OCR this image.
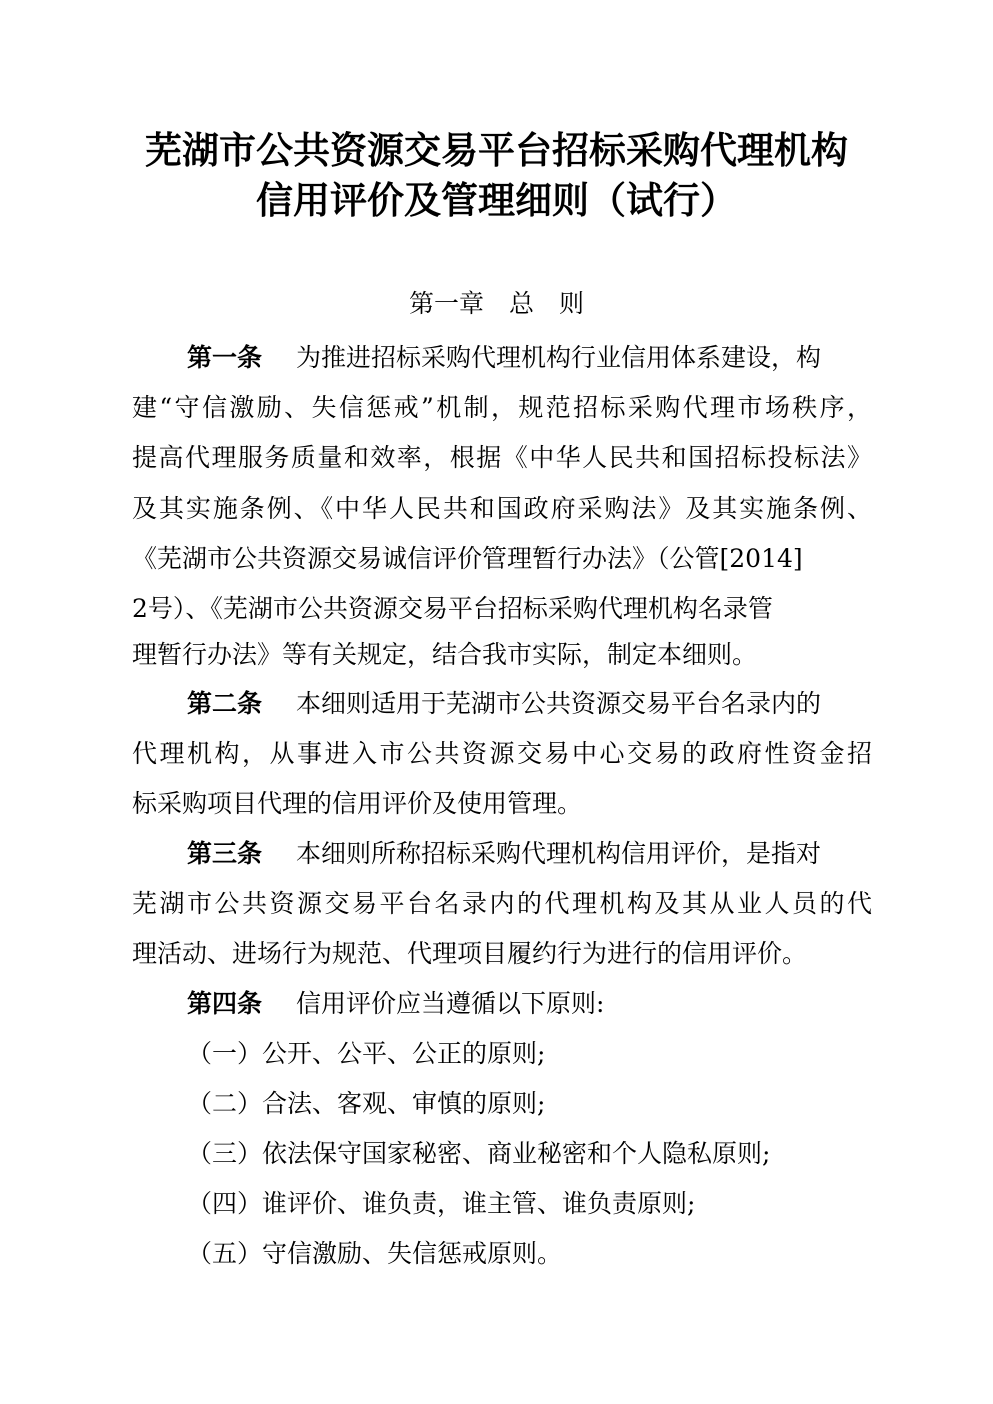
芜湖市公共资源交易平台招标采购代理机构
信用评价及管理细则（试行）
第一章　总　则
第一条 为推进招标采购代理机构行业信用体系建设，构
建“守信激励、失信惩戒”机制，规范招标采购代理市场秩序，
提高代理服务质量和效率，根据《中华人民共和国招标投标法》
及其实施条例、《中华人民共和国政府采购法》及其实施条例、
《芜湖市公共资源交易诚信评价管理暂行办法》（公管[2014]
2号）、《芜湖市公共资源交易平台招标采购代理机构名录管
理暂行办法》等有关规定，结合我市实际，制定本细则。
第二条 本细则适用于芜湖市公共资源交易平台名录内的
代理机构，从事进入市公共资源交易中心交易的政府性资金招
标采购项目代理的信用评价及使用管理。
第三条 本细则所称招标采购代理机构信用评价，是指对
芜湖市公共资源交易平台名录内的代理机构及其从业人员的代
理活动、进场行为规范、代理项目履约行为进行的信用评价。
第四条 信用评价应当遵循以下原则:
（一）公开、公平、公正的原则;
（二）合法、客观、审慎的原则;
（三）依法保守国家秘密、商业秘密和个人隐私原则;
（四）谁评价、谁负责，谁主管、谁负责原则;
（五）守信激励、失信惩戒原则。
